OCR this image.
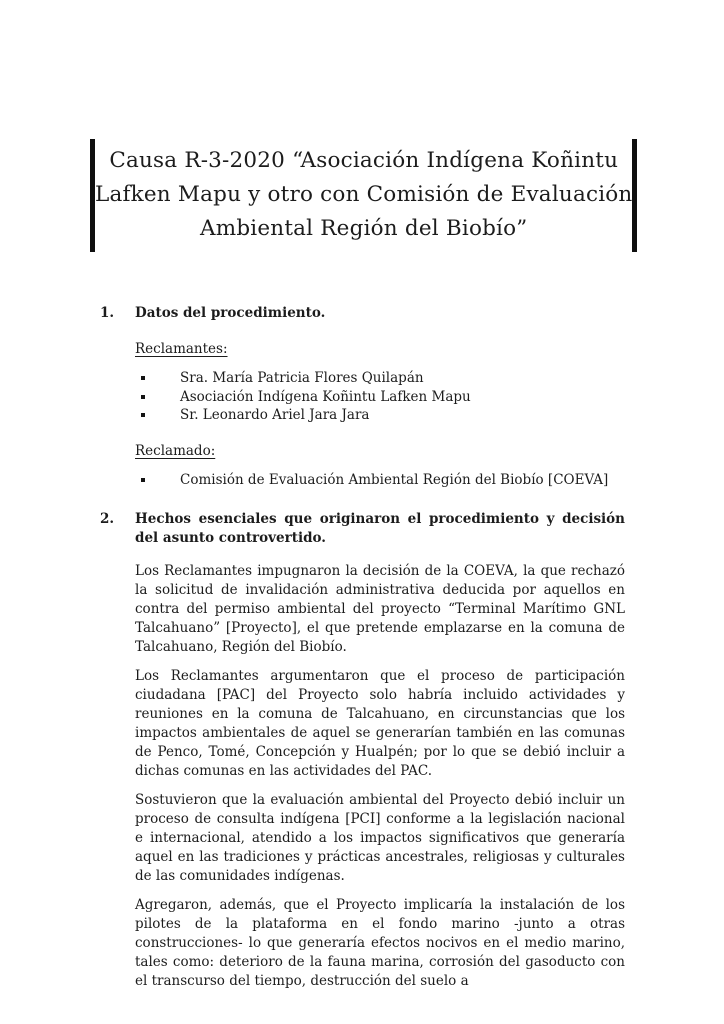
Causa R-3-2020 “Asociación Indígena Koñintu
Lafken Mapu y otro con Comisión de Evaluación
Ambiental Región del Biobío”
1.	Datos del procedimiento.
Reclamantes:
Sra. María Patricia Flores Quilapán
Asociación Indígena Koñintu Lafken Mapu
Sr. Leonardo Ariel Jara Jara
Reclamado:
Comisión de Evaluación Ambiental Región del Biobío [COEVA]
2.	Hechos esenciales que originaron el procedimiento y decisión del asunto controvertido.

Los Reclamantes impugnaron la decisión de la COEVA, la que rechazó la solicitud de invalidación administrativa deducida por aquellos en contra del permiso ambiental del proyecto “Terminal Marítimo GNL Talcahuano” [Proyecto], el que pretende emplazarse en la comuna de Talcahuano, Región del Biobío.

Los Reclamantes argumentaron que el proceso de participación ciudadana [PAC] del Proyecto solo habría incluido actividades y reuniones en la comuna de Talcahuano, en circunstancias que los impactos ambientales de aquel se generarían también en las comunas de Penco, Tomé, Concepción y Hualpén; por lo que se debió incluir a dichas comunas en las actividades del PAC.

Sostuvieron que la evaluación ambiental del Proyecto debió incluir un proceso de consulta indígena [PCI] conforme a la legislación nacional e internacional, atendido a los impactos significativos que generaría aquel en las tradiciones y prácticas ancestrales, religiosas y culturales de las comunidades indígenas.

Agregaron, además, que el Proyecto implicaría la instalación de los pilotes de la plataforma en el fondo marino -junto a otras construcciones- lo que generaría efectos nocivos en el medio marino, tales como: deterioro de la fauna marina, corrosión del gasoducto con el transcurso del tiempo, destrucción del suelo a
